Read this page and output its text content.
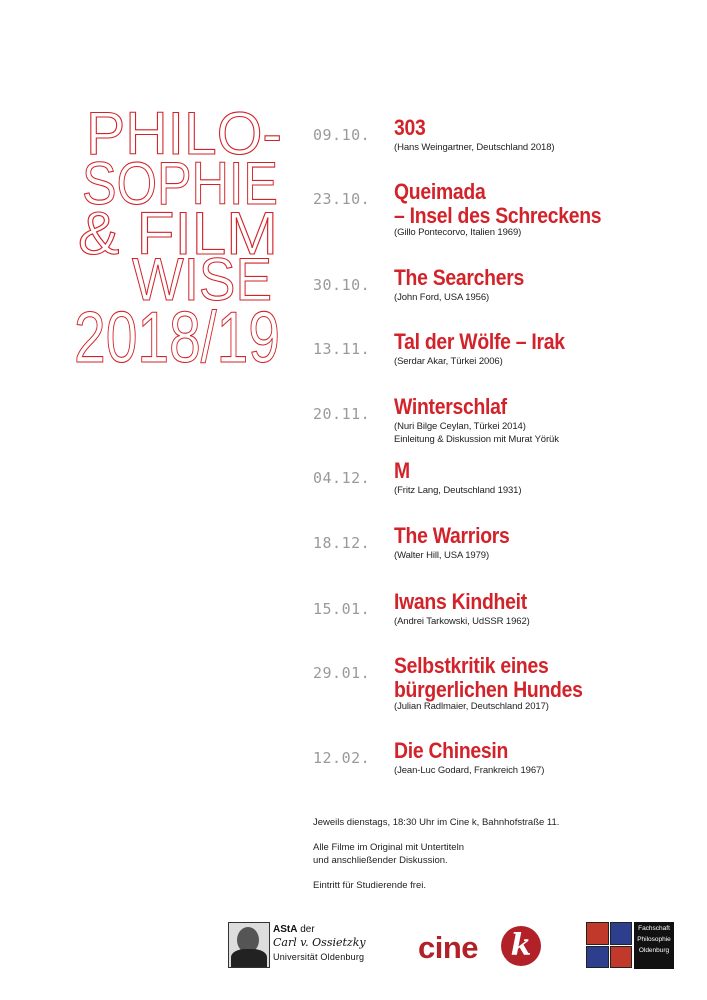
PHILO-
SOPHIE
& FILM
WISE
2018/19
09.10. 303
(Hans Weingartner, Deutschland 2018)
23.10. Queimada
– Insel des Schreckens
(Gillo Pontecorvo, Italien 1969)
30.10. The Searchers
(John Ford, USA 1956)
13.11. Tal der Wölfe – Irak
(Serdar Akar, Türkei 2006)
20.11. Winterschlaf
(Nuri Bilge Ceylan, Türkei 2014)
Einleitung & Diskussion mit Murat Yörük
04.12. M
(Fritz Lang, Deutschland 1931)
18.12. The Warriors
(Walter Hill, USA 1979)
15.01. Iwans Kindheit
(Andrei Tarkowski, UdSSR 1962)
29.01. Selbstkritik eines
bürgerlichen Hundes
(Julian Radlmaier, Deutschland 2017)
12.02. Die Chinesin
(Jean-Luc Godard, Frankreich 1967)

Jeweils dienstags, 18:30 Uhr im Cine k, Bahnhofstraße 11.

Alle Filme im Original mit Untertiteln
und anschließender Diskussion.

Eintritt für Studierende frei.

AStA der
Carl v. Ossietzky
Universität Oldenburg cine	k	Fachschaft
Philosophie
Oldenburg
